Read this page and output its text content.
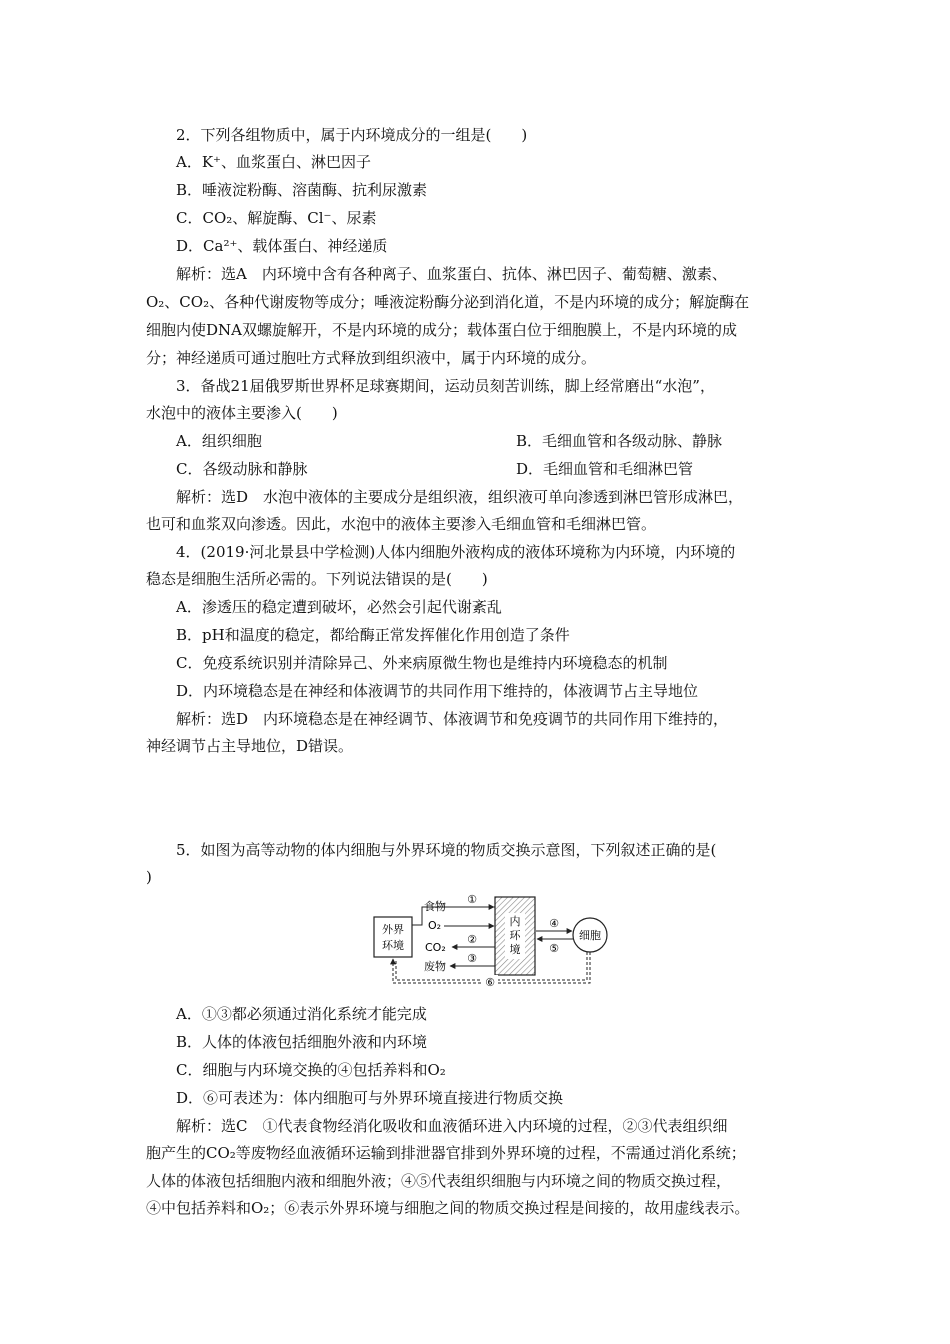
2．下列各组物质中，属于内环境成分的一组是(　　)
A．K⁺、血浆蛋白、淋巴因子
B．唾液淀粉酶、溶菌酶、抗利尿激素
C．CO₂、解旋酶、Cl⁻、尿素
D．Ca²⁺、载体蛋白、神经递质
解析：选A　内环境中含有各种离子、血浆蛋白、抗体、淋巴因子、葡萄糖、激素、
O₂、CO₂、各种代谢废物等成分；唾液淀粉酶分泌到消化道，不是内环境的成分；解旋酶在
细胞内使DNA双螺旋解开，不是内环境的成分；载体蛋白位于细胞膜上，不是内环境的成
分；神经递质可通过胞吐方式释放到组织液中，属于内环境的成分。
3．备战21届俄罗斯世界杯足球赛期间，运动员刻苦训练，脚上经常磨出“水泡”，
水泡中的液体主要渗入(　　)
A．组织细胞	B．毛细血管和各级动脉、静脉
C．各级动脉和静脉	D．毛细血管和毛细淋巴管
解析：选D　水泡中液体的主要成分是组织液，组织液可单向渗透到淋巴管形成淋巴，
也可和血浆双向渗透。因此，水泡中的液体主要渗入毛细血管和毛细淋巴管。
4．(2019·河北景县中学检测)人体内细胞外液构成的液体环境称为内环境，内环境的
稳态是细胞生活所必需的。下列说法错误的是(　　)
A．渗透压的稳定遭到破坏，必然会引起代谢紊乱
B．pH和温度的稳定，都给酶正常发挥催化作用创造了条件
C．免疫系统识别并清除异己、外来病原微生物也是维持内环境稳态的机制
D．内环境稳态是在神经和体液调节的共同作用下维持的，体液调节占主导地位
解析：选D　内环境稳态是在神经调节、体液调节和免疫调节的共同作用下维持的，
神经调节占主导地位，D错误。
5．如图为高等动物的体内细胞与外界环境的物质交换示意图，下列叙述正确的是(
)
外界
环境
内
环
境
细胞
食物
O₂
CO₂
废物
①
②
③
④
⑤
⑥
A．①③都必须通过消化系统才能完成
B．人体的体液包括细胞外液和内环境
C．细胞与内环境交换的④包括养料和O₂
D．⑥可表述为：体内细胞可与外界环境直接进行物质交换
解析：选C　①代表食物经消化吸收和血液循环进入内环境的过程，②③代表组织细
胞产生的CO₂等废物经血液循环运输到排泄器官排到外界环境的过程，不需通过消化系统；
人体的体液包括细胞内液和细胞外液；④⑤代表组织细胞与内环境之间的物质交换过程，
④中包括养料和O₂；⑥表示外界环境与细胞之间的物质交换过程是间接的，故用虚线表示。
